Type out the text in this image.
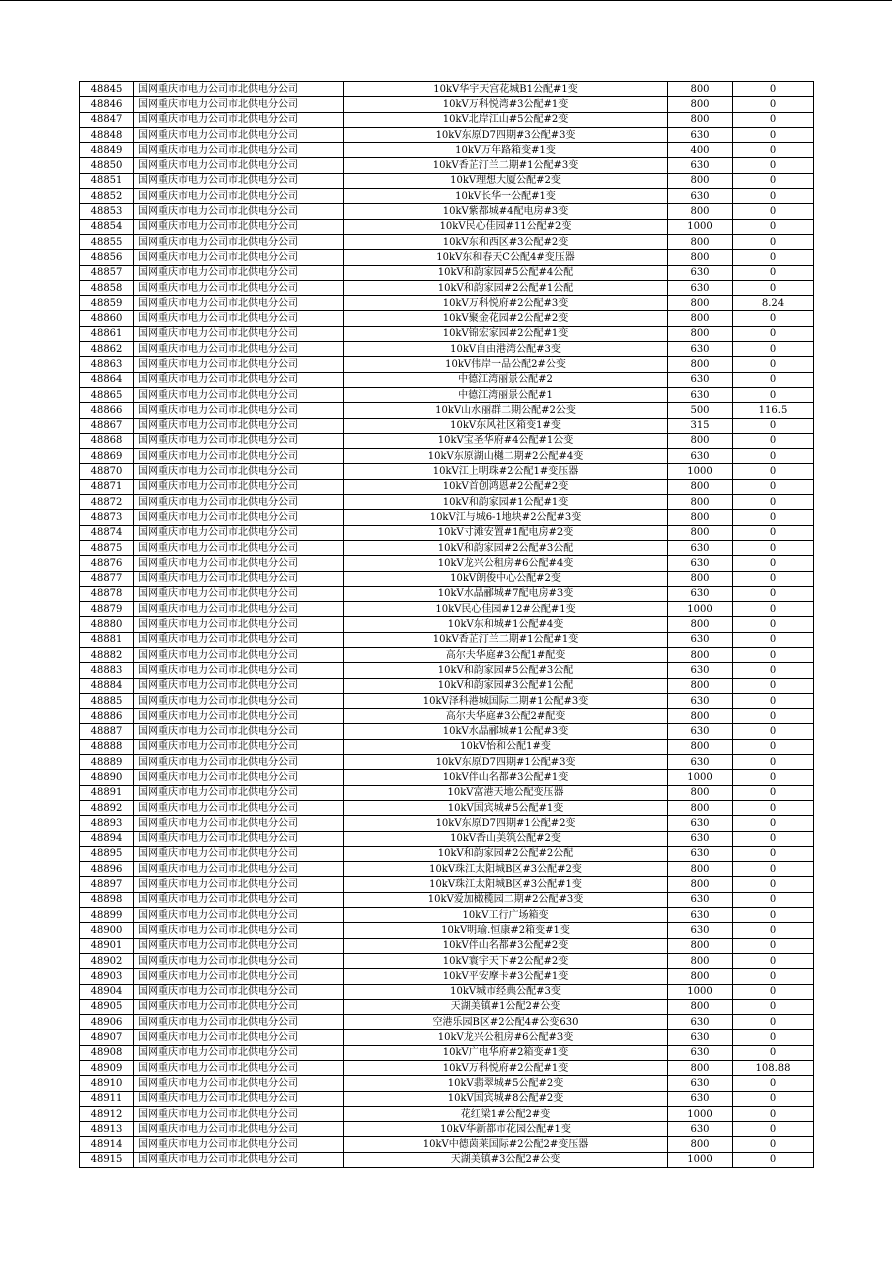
48845	国网重庆市电力公司市北供电分公司	10kV华宇天宫花城B1公配#1变	800	0
48846	国网重庆市电力公司市北供电分公司	10kV万科悦湾#3公配#1变	800	0
48847	国网重庆市电力公司市北供电分公司	10kV北岸江山#5公配#2变	800	0
48848	国网重庆市电力公司市北供电分公司	10kV东原D7四期#3公配#3变	630	0
48849	国网重庆市电力公司市北供电分公司	10kV万年路箱变#1变	400	0
48850	国网重庆市电力公司市北供电分公司	10kV香芷汀兰二期#1公配#3变	630	0
48851	国网重庆市电力公司市北供电分公司	10kV理想大厦公配#2变	800	0
48852	国网重庆市电力公司市北供电分公司	10kV长华一公配#1变	630	0
48853	国网重庆市电力公司市北供电分公司	10kV紫都城#4配电房#3变	800	0
48854	国网重庆市电力公司市北供电分公司	10kV民心佳园#11公配#2变	1000	0
48855	国网重庆市电力公司市北供电分公司	10kV东和西区#3公配#2变	800	0
48856	国网重庆市电力公司市北供电分公司	10kV东和春天C公配4#变压器	800	0
48857	国网重庆市电力公司市北供电分公司	10kV和韵家园#5公配#4公配	630	0
48858	国网重庆市电力公司市北供电分公司	10kV和韵家园#2公配#1公配	630	0
48859	国网重庆市电力公司市北供电分公司	10kV万科悦府#2公配#3变	800	8.24
48860	国网重庆市电力公司市北供电分公司	10kV聚金花园#2公配#2变	800	0
48861	国网重庆市电力公司市北供电分公司	10kV锦宏家园#2公配#1变	800	0
48862	国网重庆市电力公司市北供电分公司	10kV自由港湾公配#3变	630	0
48863	国网重庆市电力公司市北供电分公司	10kV伟岸一品公配2#公变	800	0
48864	国网重庆市电力公司市北供电分公司	中德江湾丽景公配#2	630	0
48865	国网重庆市电力公司市北供电分公司	中德江湾丽景公配#1	630	0
48866	国网重庆市电力公司市北供电分公司	10kV山水丽群二期公配#2公变	500	116.5
48867	国网重庆市电力公司市北供电分公司	10kV东风社区箱变1#变	315	0
48868	国网重庆市电力公司市北供电分公司	10kV宝圣华府#4公配#1公变	800	0
48869	国网重庆市电力公司市北供电分公司	10kV东原湖山樾二期#2公配#4变	630	0
48870	国网重庆市电力公司市北供电分公司	10kV江上明珠#2公配1#变压器	1000	0
48871	国网重庆市电力公司市北供电分公司	10kV首创鸿恩#2公配#2变	800	0
48872	国网重庆市电力公司市北供电分公司	10kV和韵家园#1公配#1变	800	0
48873	国网重庆市电力公司市北供电分公司	10kV江与城6-1地块#2公配#3变	800	0
48874	国网重庆市电力公司市北供电分公司	10kV寸滩安置#1配电房#2变	800	0
48875	国网重庆市电力公司市北供电分公司	10kV和韵家园#2公配#3公配	630	0
48876	国网重庆市电力公司市北供电分公司	10kV龙兴公租房#6公配#4变	630	0
48877	国网重庆市电力公司市北供电分公司	10kV朗俊中心公配#2变	800	0
48878	国网重庆市电力公司市北供电分公司	10kV水晶郦城#7配电房#3变	630	0
48879	国网重庆市电力公司市北供电分公司	10kV民心佳园#12#公配#1变	1000	0
48880	国网重庆市电力公司市北供电分公司	10kV东和城#1公配#4变	800	0
48881	国网重庆市电力公司市北供电分公司	10kV香芷汀兰二期#1公配#1变	630	0
48882	国网重庆市电力公司市北供电分公司	高尔夫华庭#3公配1#配变	800	0
48883	国网重庆市电力公司市北供电分公司	10kV和韵家园#5公配#3公配	630	0
48884	国网重庆市电力公司市北供电分公司	10kV和韵家园#3公配#1公配	800	0
48885	国网重庆市电力公司市北供电分公司	10kV泽科港城国际二期#1公配#3变	630	0
48886	国网重庆市电力公司市北供电分公司	高尔夫华庭#3公配2#配变	800	0
48887	国网重庆市电力公司市北供电分公司	10kV水晶郦城#1公配#3变	630	0
48888	国网重庆市电力公司市北供电分公司	10kV怡和公配1#变	800	0
48889	国网重庆市电力公司市北供电分公司	10kV东原D7四期#1公配#3变	630	0
48890	国网重庆市电力公司市北供电分公司	10kV伴山名都#3公配#1变	1000	0
48891	国网重庆市电力公司市北供电分公司	10kV富港天地公配变压器	800	0
48892	国网重庆市电力公司市北供电分公司	10kV国宾城#5公配#1变	800	0
48893	国网重庆市电力公司市北供电分公司	10kV东原D7四期#1公配#2变	630	0
48894	国网重庆市电力公司市北供电分公司	10kV香山美筑公配#2变	630	0
48895	国网重庆市电力公司市北供电分公司	10kV和韵家园#2公配#2公配	630	0
48896	国网重庆市电力公司市北供电分公司	10kV珠江太阳城B区#3公配#2变	800	0
48897	国网重庆市电力公司市北供电分公司	10kV珠江太阳城B区#3公配#1变	800	0
48898	国网重庆市电力公司市北供电分公司	10kV爱加橄榄园二期#2公配#3变	630	0
48899	国网重庆市电力公司市北供电分公司	10kV工行广场箱变	630	0
48900	国网重庆市电力公司市北供电分公司	10kV明瑜.恒康#2箱变#1变	630	0
48901	国网重庆市电力公司市北供电分公司	10kV伴山名都#3公配#2变	800	0
48902	国网重庆市电力公司市北供电分公司	10kV寰宇天下#2公配#2变	800	0
48903	国网重庆市电力公司市北供电分公司	10kV平安摩卡#3公配#1变	800	0
48904	国网重庆市电力公司市北供电分公司	10kV城市经典公配#3变	1000	0
48905	国网重庆市电力公司市北供电分公司	天湖美镇#1公配2#公变	800	0
48906	国网重庆市电力公司市北供电分公司	空港乐园B区#2公配4#公变630	630	0
48907	国网重庆市电力公司市北供电分公司	10kV龙兴公租房#6公配#3变	630	0
48908	国网重庆市电力公司市北供电分公司	10kV广电华府#2箱变#1变	630	0
48909	国网重庆市电力公司市北供电分公司	10kV万科悦府#2公配#1变	800	108.88
48910	国网重庆市电力公司市北供电分公司	10kV翡翠城#5公配#2变	630	0
48911	国网重庆市电力公司市北供电分公司	10kV国宾城#8公配#2变	630	0
48912	国网重庆市电力公司市北供电分公司	花红梁1#公配2#变	1000	0
48913	国网重庆市电力公司市北供电分公司	10kV华新都市花园公配#1变	630	0
48914	国网重庆市电力公司市北供电分公司	10kV中德茵莱国际#2公配2#变压器	800	0
48915	国网重庆市电力公司市北供电分公司	天湖美镇#3公配2#公变	1000	0
